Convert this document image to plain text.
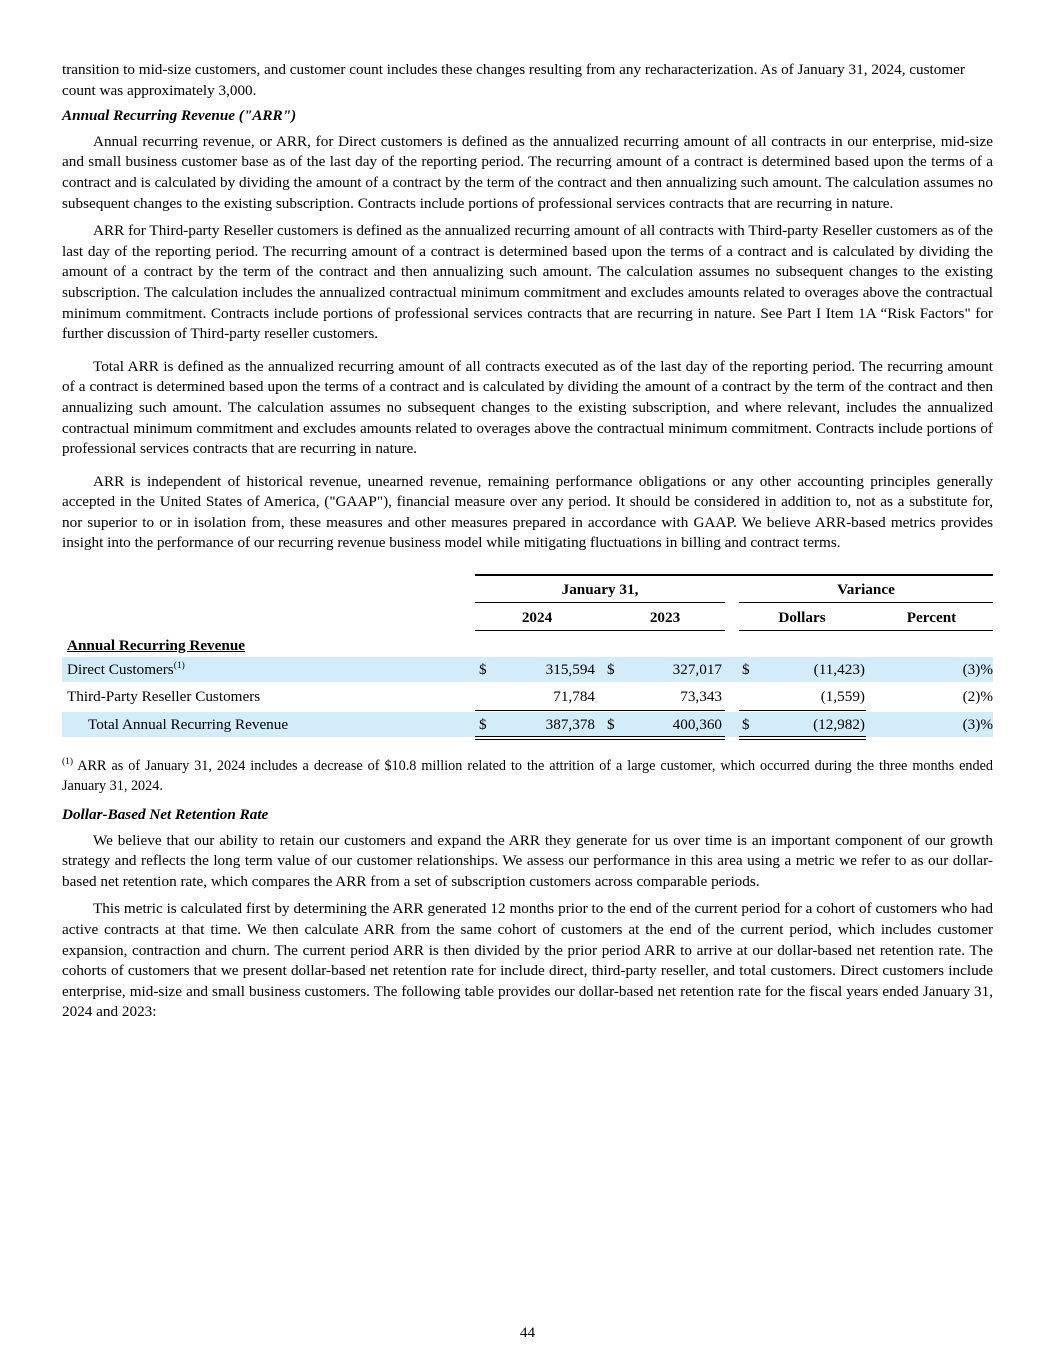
transition to mid-size customers, and customer count includes these changes resulting from any recharacterization. As of January 31, 2024, customer count was approximately 3,000.

Annual Recurring Revenue ("ARR")

Annual recurring revenue, or ARR, for Direct customers is defined as the annualized recurring amount of all contracts in our enterprise, mid-size and small business customer base as of the last day of the reporting period. The recurring amount of a contract is determined based upon the terms of a contract and is calculated by dividing the amount of a contract by the term of the contract and then annualizing such amount. The calculation assumes no subsequent changes to the existing subscription. Contracts include portions of professional services contracts that are recurring in nature.

ARR for Third-party Reseller customers is defined as the annualized recurring amount of all contracts with Third-party Reseller customers as of the last day of the reporting period. The recurring amount of a contract is determined based upon the terms of a contract and is calculated by dividing the amount of a contract by the term of the contract and then annualizing such amount. The calculation assumes no subsequent changes to the existing subscription. The calculation includes the annualized contractual minimum commitment and excludes amounts related to overages above the contractual minimum commitment. Contracts include portions of professional services contracts that are recurring in nature. See Part I Item 1A “Risk Factors" for further discussion of Third-party reseller customers.

Total ARR is defined as the annualized recurring amount of all contracts executed as of the last day of the reporting period. The recurring amount of a contract is determined based upon the terms of a contract and is calculated by dividing the amount of a contract by the term of the contract and then annualizing such amount. The calculation assumes no subsequent changes to the existing subscription, and where relevant, includes the annualized contractual minimum commitment and excludes amounts related to overages above the contractual minimum commitment. Contracts include portions of professional services contracts that are recurring in nature.

ARR is independent of historical revenue, unearned revenue, remaining performance obligations or any other accounting principles generally accepted in the United States of America, ("GAAP"), financial measure over any period. It should be considered in addition to, not as a substitute for, nor superior to or in isolation from, these measures and other measures prepared in accordance with GAAP. We believe ARR-based metrics provides insight into the performance of our recurring revenue business model while mitigating fluctuations in billing and contract terms.

January 31,	Variance
2024	2023	Dollars	Percent
Annual Recurring Revenue
Direct Customers$^{(1)}$	$	315,594 $	327,017 $	(11,423)	(3)%
Third-Party Reseller Customers	71,784	73,343	(1,559)	(2)%
Total Annual Recurring Revenue	$	387,378 $	400,360 $	(12,982)	(3)%

$^{(1)}$ ARR as of January 31, 2024 includes a decrease of $10.8 million related to the attrition of a large customer, which occurred during the three months ended January 31, 2024.

Dollar-Based Net Retention Rate

We believe that our ability to retain our customers and expand the ARR they generate for us over time is an important component of our growth strategy and reflects the long term value of our customer relationships. We assess our performance in this area using a metric we refer to as our dollar-based net retention rate, which compares the ARR from a set of subscription customers across comparable periods.

This metric is calculated first by determining the ARR generated 12 months prior to the end of the current period for a cohort of customers who had active contracts at that time. We then calculate ARR from the same cohort of customers at the end of the current period, which includes customer expansion, contraction and churn. The current period ARR is then divided by the prior period ARR to arrive at our dollar-based net retention rate. The cohorts of customers that we present dollar-based net retention rate for include direct, third-party reseller, and total customers. Direct customers include enterprise, mid-size and small business customers. The following table provides our dollar-based net retention rate for the fiscal years ended January 31, 2024 and 2023:

44
